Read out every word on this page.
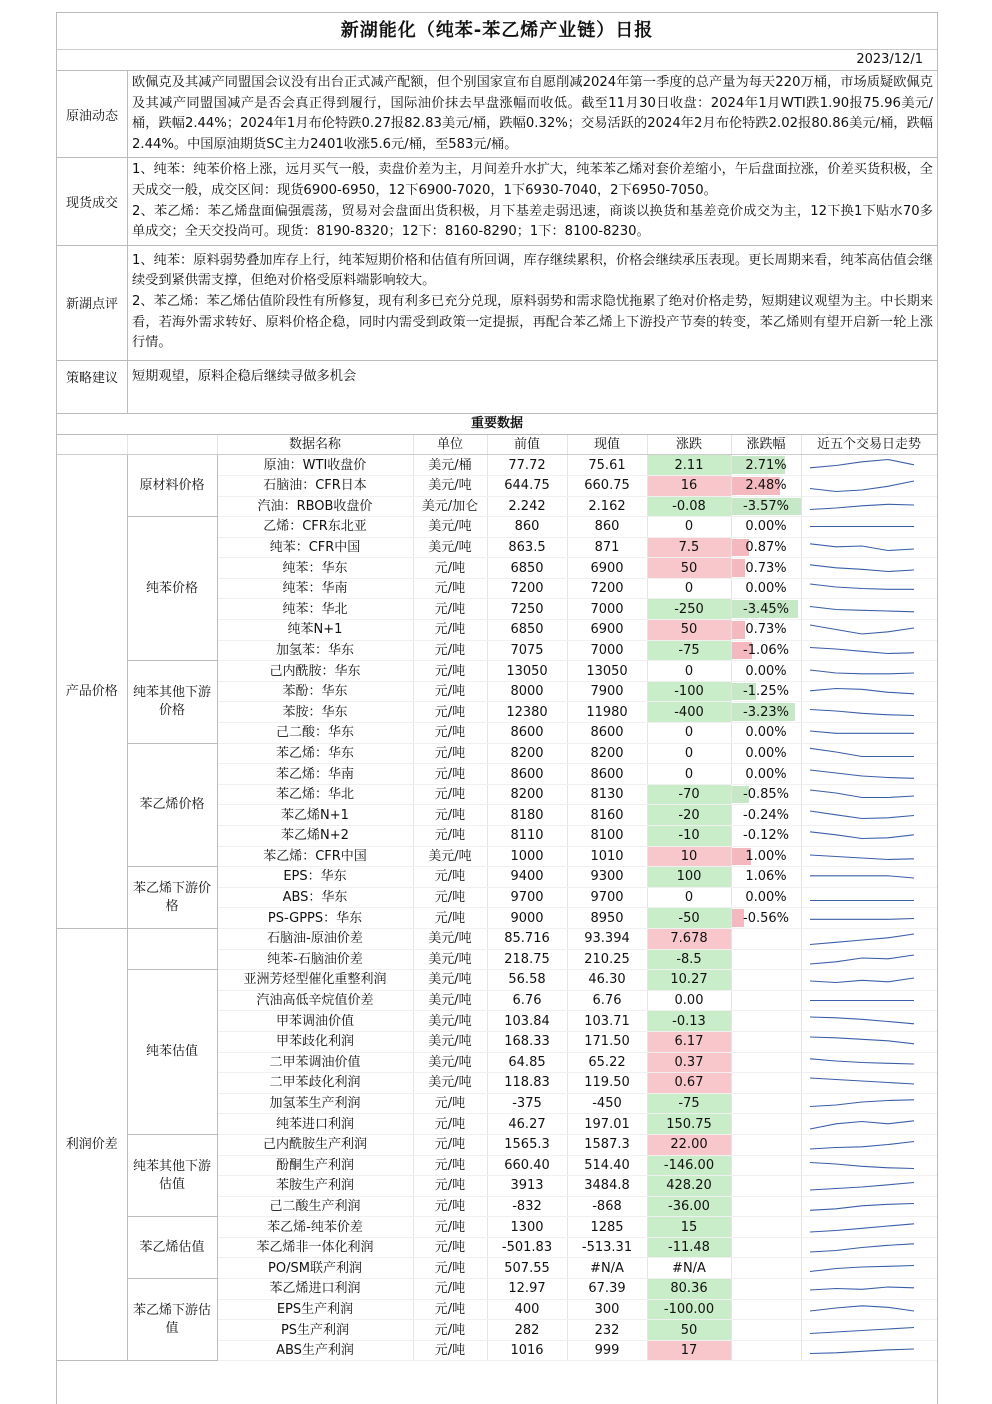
新湖能化（纯苯-苯乙烯产业链）日报
2023/12/1
原油动态

欧佩克及其减产同盟国会议没有出台正式减产配额，但个别国家宣布自愿削减2024年第一季度的总产量为每天220万桶，市场质疑欧佩克及其减产同盟国减产是否会真正得到履行，国际油价抹去早盘涨幅而收低。截至11月30日收盘：2024年1月WTI跌1.90报75.96美元/桶，跌幅2.44%；2024年1月布伦特跌0.27报82.83美元/桶，跌幅0.32%；交易活跃的2024年2月布伦特跌2.02报80.86美元/桶，跌幅2.44%。中国原油期货SC主力2401收涨5.6元/桶，至583元/桶。

现货成交

1、纯苯：纯苯价格上涨，远月买气一般，卖盘价差为主，月间差升水扩大，纯苯苯乙烯对套价差缩小，午后盘面拉涨，价差买货积极，全天成交一般，成交区间：现货6900-6950，12下6900-7020，1下6930-7040，2下6950-7050。

2、苯乙烯：苯乙烯盘面偏强震荡，贸易对会盘面出货积极，月下基差走弱迅速，商谈以换货和基差竞价成交为主，12下换1下贴水70多单成交；全天交投尚可。现货：8190-8320；12下：8160-8290；1下：8100-8230。

新湖点评

1、纯苯：原料弱势叠加库存上行，纯苯短期价格和估值有所回调，库存继续累积，价格会继续承压表现。更长周期来看，纯苯高估值会继续受到紧供需支撑，但绝对价格受原料端影响较大。

2、苯乙烯：苯乙烯估值阶段性有所修复，现有利多已充分兑现，原料弱势和需求隐忧拖累了绝对价格走势，短期建议观望为主。中长期来看，若海外需求转好、原料价格企稳，同时内需受到政策一定提振，再配合苯乙烯上下游投产节奏的转变，苯乙烯则有望开启新一轮上涨行情。

策略建议	短期观望，原料企稳后继续寻做多机会

重要数据
		数据名称	单位	前值	现值	涨跌	涨跌幅	近五个交易日走势
产品价格	原材料价格	原油：WTI收盘价	美元/桶	77.72	75.61	2.11	2.71%	

		石脑油：CFR日本	美元/吨	644.75	660.75	16	2.48%	

		汽油：RBOB收盘价	美元/加仑	2.242	2.162	-0.08	-3.57%	

	纯苯价格	乙烯：CFR东北亚	美元/吨	860	860	0	0.00%	

		纯苯：CFR中国	美元/吨	863.5	871	7.5	0.87%	

		纯苯：华东	元/吨	6850	6900	50	0.73%	

		纯苯：华南	元/吨	7200	7200	0	0.00%	

		纯苯：华北	元/吨	7250	7000	-250	-3.45%	

		纯苯N+1	元/吨	6850	6900	50	0.73%	

		加氢苯：华东	元/吨	7075	7000	-75	-1.06%	

	纯苯其他下游价格	己内酰胺：华东	元/吨	13050	13050	0	0.00%	

		苯酚：华东	元/吨	8000	7900	-100	-1.25%	

		苯胺：华东	元/吨	12380	11980	-400	-3.23%	

		己二酸：华东	元/吨	8600	8600	0	0.00%	

	苯乙烯价格	苯乙烯：华东	元/吨	8200	8200	0	0.00%	

		苯乙烯：华南	元/吨	8600	8600	0	0.00%	

		苯乙烯：华北	元/吨	8200	8130	-70	-0.85%	

		苯乙烯N+1	元/吨	8180	8160	-20	-0.24%	

		苯乙烯N+2	元/吨	8110	8100	-10	-0.12%	

		苯乙烯：CFR中国	美元/吨	1000	1010	10	1.00%	

	苯乙烯下游价格	EPS：华东	元/吨	9400	9300	100	1.06%	

		ABS：华东	元/吨	9700	9700	0	0.00%	

		PS-GPPS：华东	元/吨	9000	8950	-50	-0.56%	

利润价差		石脑油-原油价差	美元/吨	85.716	93.394	7.678		

		纯苯-石脑油价差	美元/吨	218.75	210.25	-8.5		

	纯苯估值	亚洲芳烃型催化重整利润	美元/吨	56.58	46.30	10.27		

		汽油高低辛烷值价差	美元/吨	6.76	6.76	0.00		

		甲苯调油价值	美元/吨	103.84	103.71	-0.13		

		甲苯歧化利润	美元/吨	168.33	171.50	6.17		

		二甲苯调油价值	美元/吨	64.85	65.22	0.37		

		二甲苯歧化利润	美元/吨	118.83	119.50	0.67		

		加氢苯生产利润	元/吨	-375	-450	-75		

		纯苯进口利润	元/吨	46.27	197.01	150.75		

	纯苯其他下游估值	己内酰胺生产利润	元/吨	1565.3	1587.3	22.00		

		酚酮生产利润	元/吨	660.40	514.40	-146.00		

		苯胺生产利润	元/吨	3913	3484.8	428.20		

		己二酸生产利润	元/吨	-832	-868	-36.00		

	苯乙烯估值	苯乙烯-纯苯价差	元/吨	1300	1285	15		

		苯乙烯非一体化利润	元/吨	-501.83	-513.31	-11.48		

		PO/SM联产利润	元/吨	507.55	#N/A	#N/A		

	苯乙烯下游估值	苯乙烯进口利润	元/吨	12.97	67.39	80.36		

		EPS生产利润	元/吨	400	300	-100.00		

		PS生产利润	元/吨	282	232	50		

		ABS生产利润	元/吨	1016	999	17		
